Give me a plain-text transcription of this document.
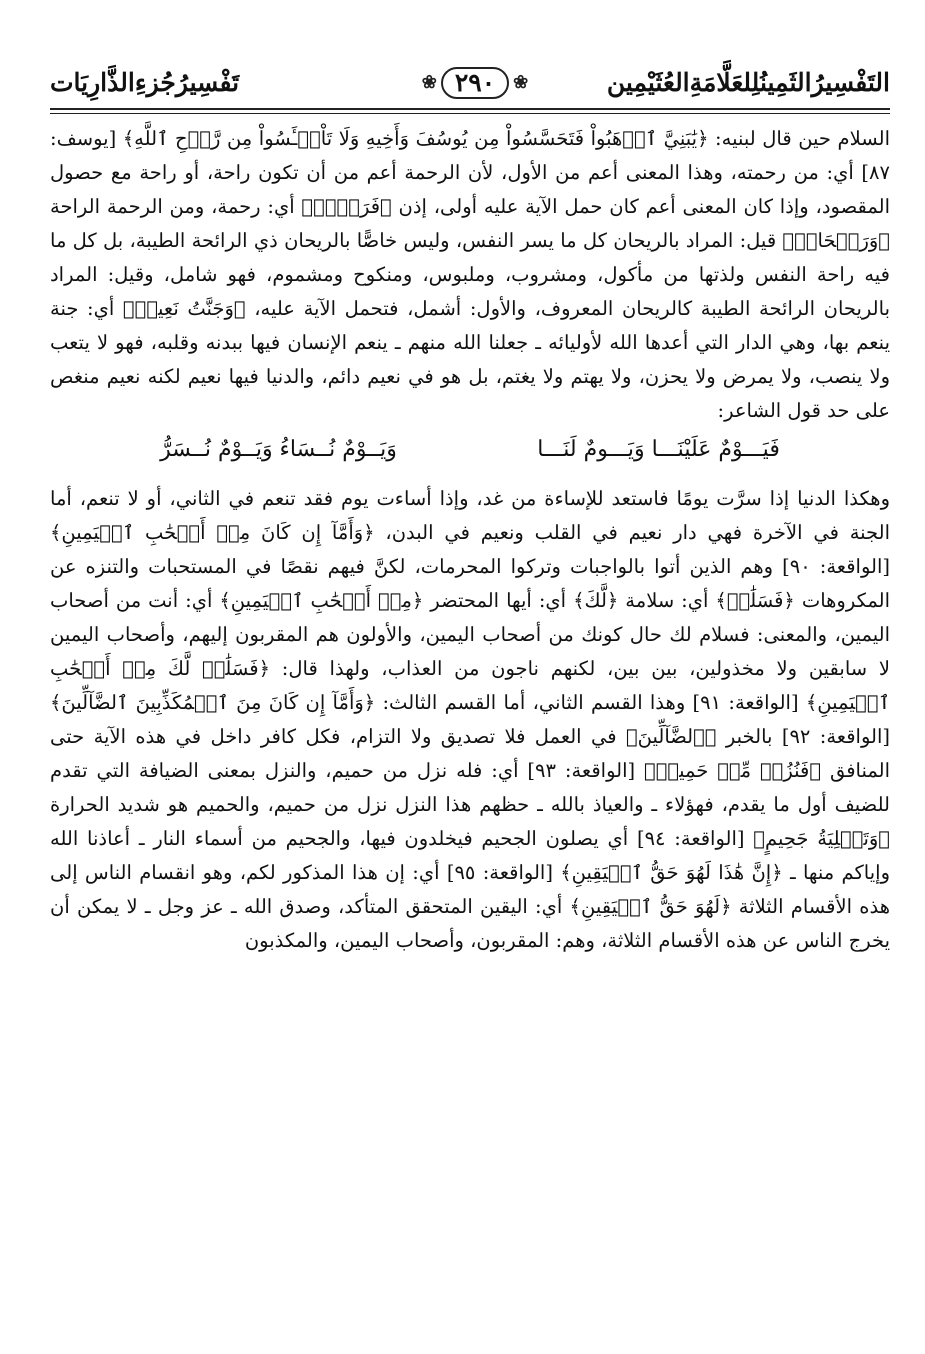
التَفْسِيرُالثَمِينُلِلعَلَّامَةِالعُثَيْمِين
❀ ٢٩٠ ❀
تَفْسِيرُجُزءِالذَّارِيَات

السلام حين قال لبنيه: ﴿يَٰبَنِيَّ ٱذۡهَبُواْ فَتَحَسَّسُواْ مِن يُوسُفَ وَأَخِيهِ وَلَا تَاْيۡـَٔسُواْ مِن رَّوۡحِ ٱللَّهِ﴾ [يوسف: ٨٧] أي: من رحمته، وهذا المعنى أعم من الأول، لأن الرحمة أعم من أن تكون راحة، أو راحة مع حصول المقصود، وإذا كان المعنى أعم كان حمل الآية عليه أولى، إذن ﴿فَرَوۡحٞ﴾ أي: رحمة، ومن الرحمة الراحة ﴿وَرَيۡحَانٞ﴾ قيل: المراد بالريحان كل ما يسر النفس، وليس خاصًّا بالريحان ذي الرائحة الطيبة، بل كل ما فيه راحة النفس ولذتها من مأكول، ومشروب، وملبوس، ومنكوح ومشموم، فهو شامل، وقيل: المراد بالريحان الرائحة الطيبة كالريحان المعروف، والأول: أشمل، فتحمل الآية عليه، ﴿وَجَنَّتُ نَعِيمٖ﴾ أي: جنة ينعم بها، وهي الدار التي أعدها الله لأوليائه ـ جعلنا الله منهم ـ ينعم الإنسان فيها ببدنه وقلبه، فهو لا يتعب ولا ينصب، ولا يمرض ولا يحزن، ولا يهتم ولا يغتم، بل هو في نعيم دائم، والدنيا فيها نعيم لكنه نعيم منغص على حد قول الشاعر:

فَيَـــوْمٌ عَلَيْنَـــا وَيَـــومٌ لَنَـــا
وَيَــوْمٌ نُــسَاءُ وَيَــوْمٌ نُــسَرُّ

وهكذا الدنيا إذا سرَّت يومًا فاستعد للإساءة من غد، وإذا أساءت يوم فقد تنعم في الثاني، أو لا تنعم، أما الجنة في الآخرة فهي دار نعيم في القلب ونعيم في البدن، ﴿وَأَمَّآ إِن كَانَ مِنۡ أَصۡحَٰبِ ٱلۡيَمِينِ﴾ [الواقعة: ٩٠] وهم الذين أتوا بالواجبات وتركوا المحرمات، لكنَّ فيهم نقصًا في المستحبات والتنزه عن المكروهات ﴿فَسَلَٰمٞ﴾ أي: سلامة ﴿لَّكَ﴾ أي: أيها المحتضر ﴿مِنۡ أَصۡحَٰبِ ٱلۡيَمِينِ﴾ أي: أنت من أصحاب اليمين، والمعنى: فسلام لك حال كونك من أصحاب اليمين، والأولون هم المقربون إليهم، وأصحاب اليمين لا سابقين ولا مخذولين، بين بين، لكنهم ناجون من العذاب، ولهذا قال: ﴿فَسَلَٰمٞ لَّكَ مِنۡ أَصۡحَٰبِ ٱلۡيَمِينِ﴾ [الواقعة: ٩١] وهذا القسم الثاني، أما القسم الثالث: ﴿وَأَمَّآ إِن كَانَ مِنَ ٱلۡمُكَذِّبِينَ ٱلضَّآلِّينَ﴾ [الواقعة: ٩٢] بالخبر ﴿ٱلضَّآلِّينَ﴾ في العمل فلا تصديق ولا التزام، فكل كافر داخل في هذه الآية حتى المنافق ﴿فَنُزُلٞ مِّنۡ حَمِيمٖ﴾ [الواقعة: ٩٣] أي: فله نزل من حميم، والنزل بمعنى الضيافة التي تقدم للضيف أول ما يقدم، فهؤلاء ـ والعياذ بالله ـ حظهم هذا النزل نزل من حميم، والحميم هو شديد الحرارة ﴿وَتَصۡلِيَةُ جَحِيمٍ﴾ [الواقعة: ٩٤] أي يصلون الجحيم فيخلدون فيها، والجحيم من أسماء النار ـ أعاذنا الله وإياكم منها ـ ﴿إِنَّ هَٰذَا لَهُوَ حَقُّ ٱلۡيَقِينِ﴾ [الواقعة: ٩٥] أي: إن هذا المذكور لكم، وهو انقسام الناس إلى هذه الأقسام الثلاثة ﴿لَهُوَ حَقُّ ٱلۡيَقِينِ﴾ أي: اليقين المتحقق المتأكد، وصدق الله ـ عز وجل ـ لا يمكن أن يخرج الناس عن هذه الأقسام الثلاثة، وهم: المقربون، وأصحاب اليمين، والمكذبون
